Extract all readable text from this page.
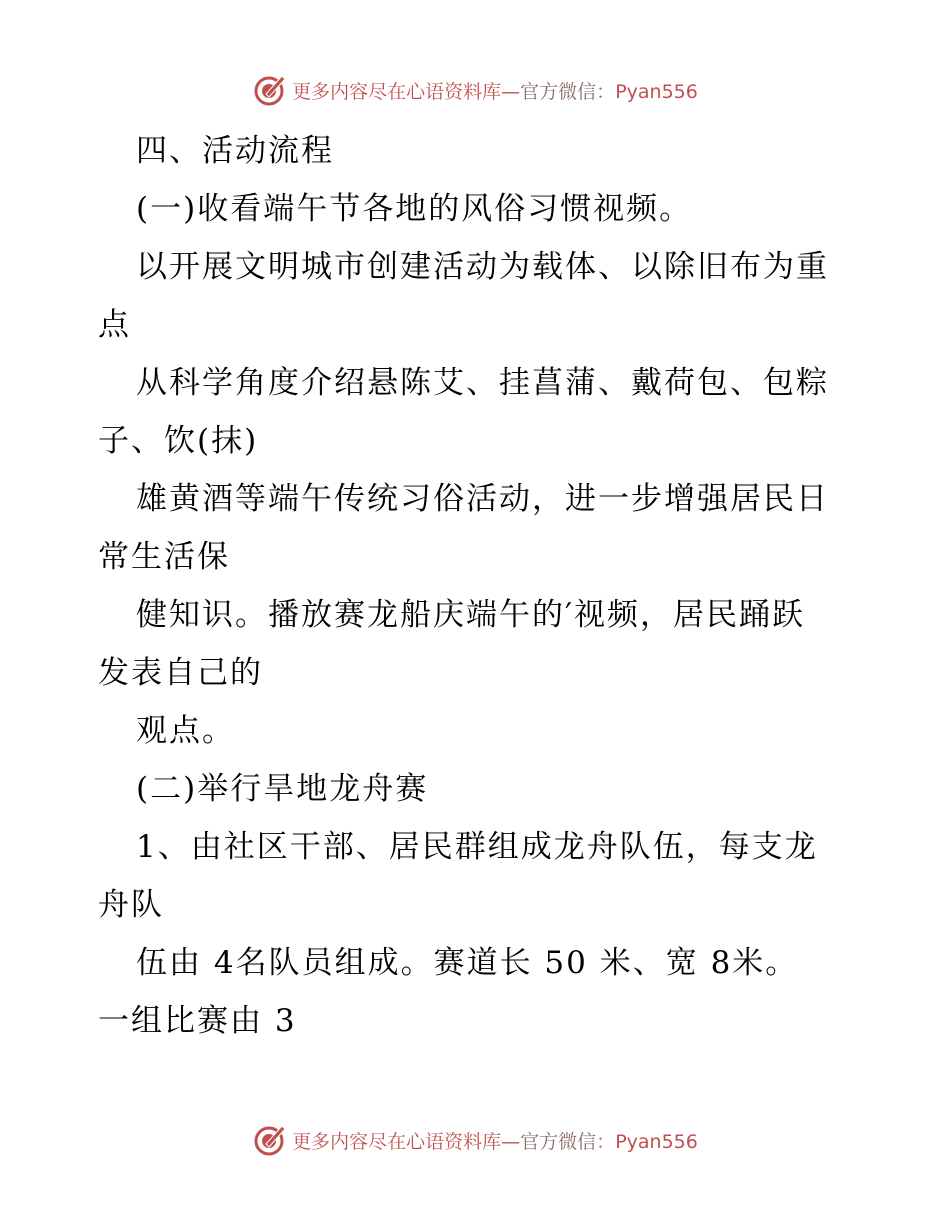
更多内容尽在心语资料库—官方微信：Pyan556
四、活动流程
(一)收看端午节各地的风俗习惯视频。
以开展文明城市创建活动为载体、以除旧布为重
点
从科学角度介绍悬陈艾、挂菖蒲、戴荷包、包粽
子、饮(抹)
雄黄酒等端午传统习俗活动，进一步增强居民日
常生活保
健知识。播放赛龙船庆端午的′视频，居民踊跃
发表自己的
观点。
(二)举行旱地龙舟赛
1、由社区干部、居民群组成龙舟队伍，每支龙
舟队
伍由 4名队员组成。赛道长 50 米、宽 8米。
一组比赛由 3
更多内容尽在心语资料库—官方微信：Pyan556
